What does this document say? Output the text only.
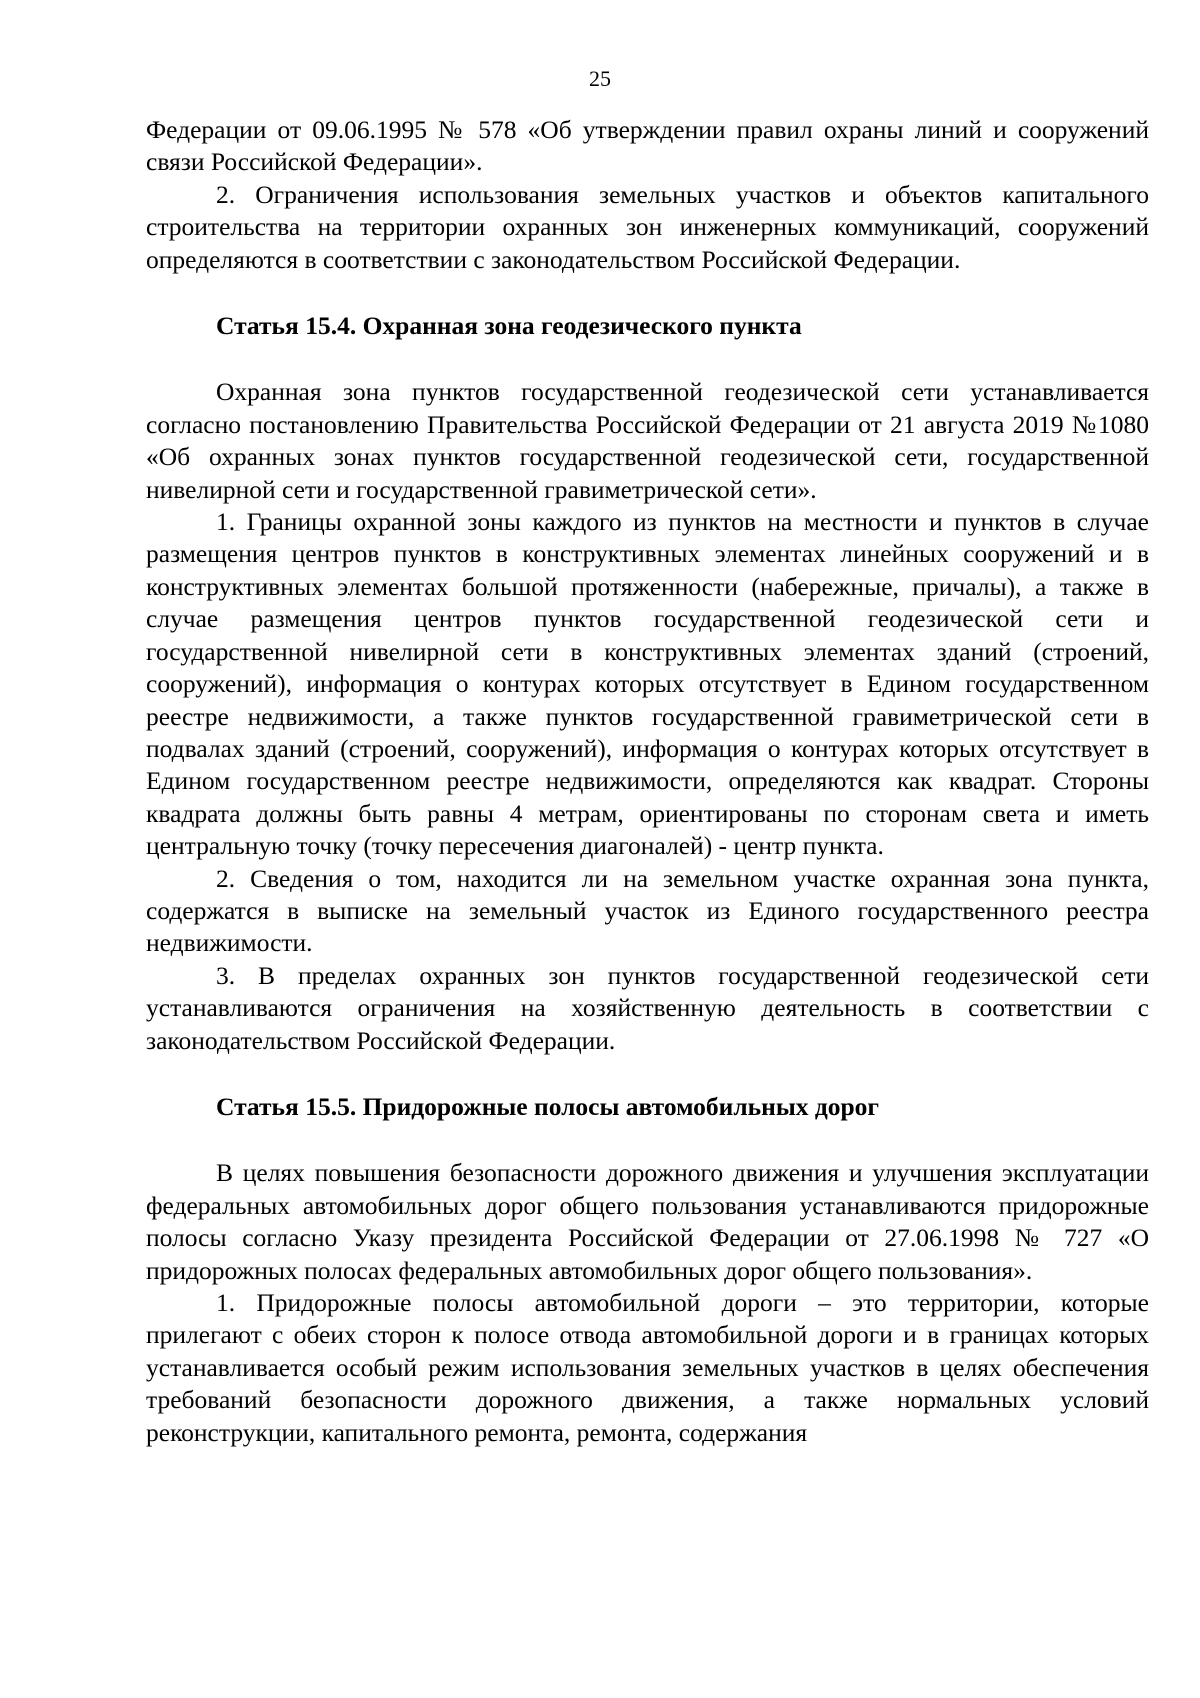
25

Федерации от 09.06.1995 № 578 «Об утверждении правил охраны линий и сооружений связи Российской Федерации».

2. Ограничения использования земельных участков и объектов капитального строительства на территории охранных зон инженерных коммуникаций, сооружений определяются в соответствии с законодательством Российской Федерации.

Статья 15.4. Охранная зона геодезического пункта

Охранная зона пунктов государственной геодезической сети устанавливается согласно постановлению Правительства Российской Федерации от 21 августа 2019 №1080 «Об охранных зонах пунктов государственной геодезической сети, государственной нивелирной сети и государственной гравиметрической сети».

1. Границы охранной зоны каждого из пунктов на местности и пунктов в случае размещения центров пунктов в конструктивных элементах линейных сооружений и в конструктивных элементах большой протяженности (набережные, причалы), а также в случае размещения центров пунктов государственной геодезической сети и государственной нивелирной сети в конструктивных элементах зданий (строений, сооружений), информация о контурах которых отсутствует в Едином государственном реестре недвижимости, а также пунктов государственной гравиметрической сети в подвалах зданий (строений, сооружений), информация о контурах которых отсутствует в Едином государственном реестре недвижимости, определяются как квадрат. Стороны квадрата должны быть равны 4 метрам, ориентированы по сторонам света и иметь центральную точку (точку пересечения диагоналей) - центр пункта.

2. Сведения о том, находится ли на земельном участке охранная зона пункта, содержатся в выписке на земельный участок из Единого государственного реестра недвижимости.

3. В пределах охранных зон пунктов государственной геодезической сети устанавливаются ограничения на хозяйственную деятельность в соответствии с законодательством Российской Федерации.

Статья 15.5. Придорожные полосы автомобильных дорог

В целях повышения безопасности дорожного движения и улучшения эксплуатации федеральных автомобильных дорог общего пользования устанавливаются придорожные полосы согласно Указу президента Российской Федерации от 27.06.1998 № 727 «О придорожных полосах федеральных автомобильных дорог общего пользования».

1. Придорожные полосы автомобильной дороги – это территории, которые прилегают с обеих сторон к полосе отвода автомобильной дороги и в границах которых устанавливается особый режим использования земельных участков в целях обеспечения требований безопасности дорожного движения, а также нормальных условий реконструкции, капитального ремонта, ремонта, содержания
